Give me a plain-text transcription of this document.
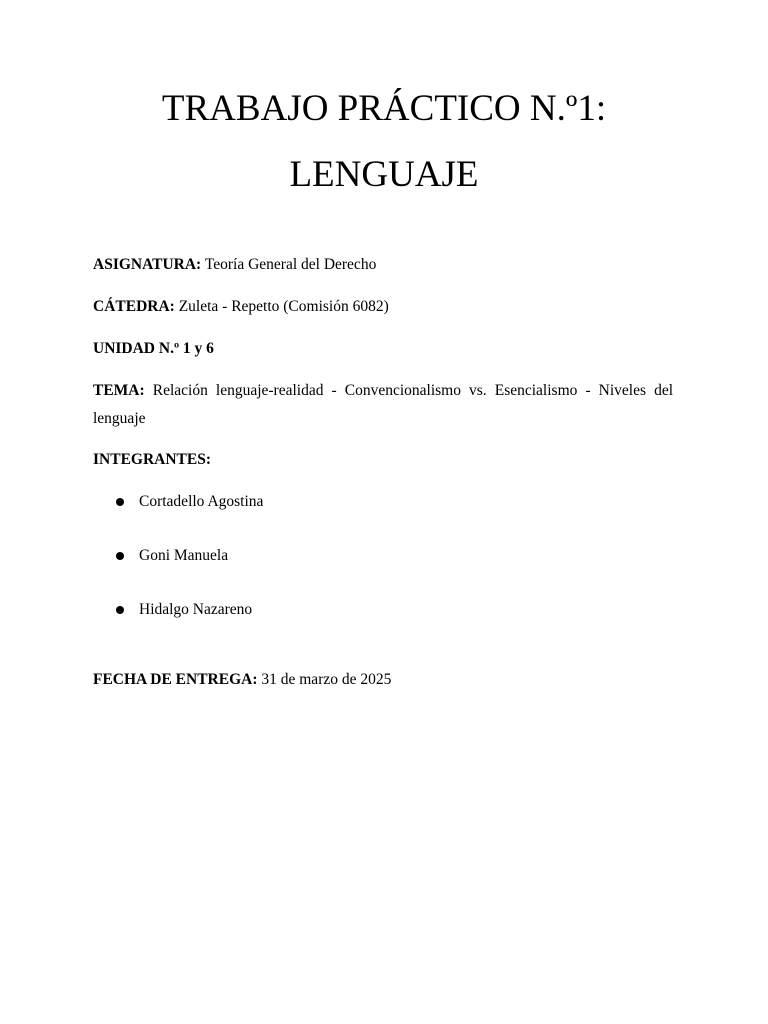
TRABAJO PRÁCTICO N.º1:
LENGUAJE

ASIGNATURA: Teoría General del Derecho

CÁTEDRA: Zuleta - Repetto (Comisión 6082)

UNIDAD N.º 1 y 6

TEMA: Relación lenguaje-realidad - Convencionalismo vs. Esencialismo - Niveles del lenguaje

INTEGRANTES:

Cortadello Agostina
Goni Manuela
Hidalgo Nazareno

FECHA DE ENTREGA: 31 de marzo de 2025
